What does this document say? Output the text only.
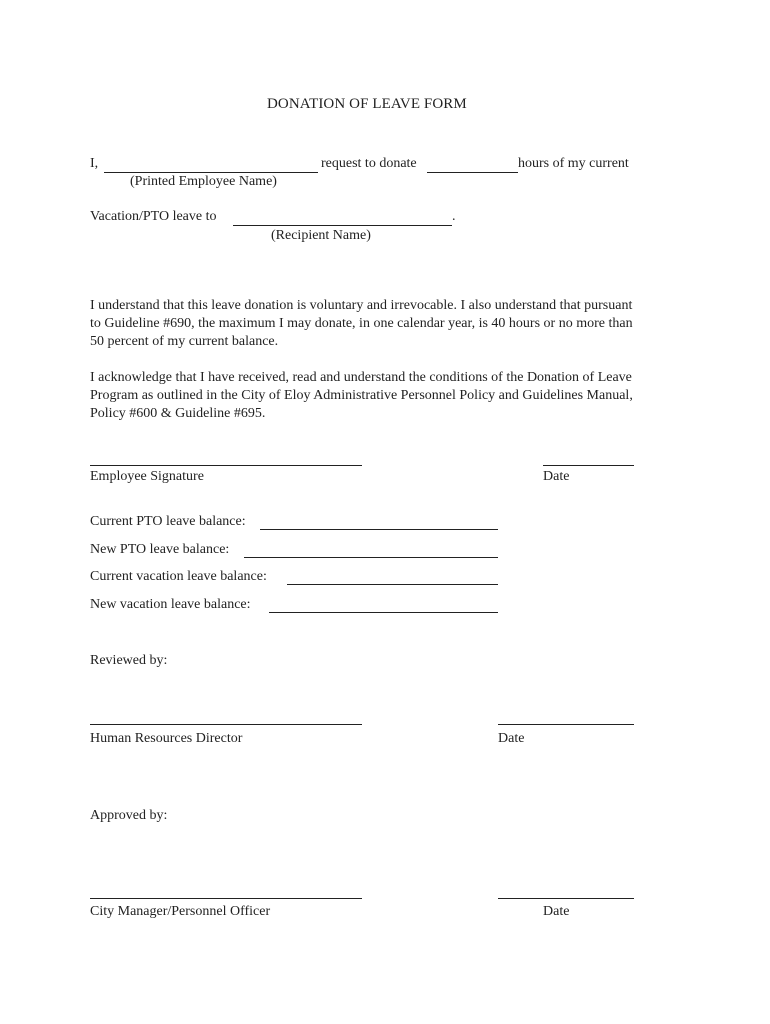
DONATION OF LEAVE FORM
I,	request to donate	hours of my current
(Printed Employee Name)
Vacation/PTO leave to	.
(Recipient Name)
I understand that this leave donation is voluntary and irrevocable. I also understand that pursuant
to Guideline #690, the maximum I may donate, in one calendar year, is 40 hours or no more than
50 percent of my current balance.
I acknowledge that I have received, read and understand the conditions of the Donation of Leave
Program as outlined in the City of Eloy Administrative Personnel Policy and Guidelines Manual,
Policy #600 & Guideline #695.
Employee Signature	Date
Current PTO leave balance:
New PTO leave balance:
Current vacation leave balance:
New vacation leave balance:
Reviewed by:
Human Resources Director	Date
Approved by:
City Manager/Personnel Officer	Date
